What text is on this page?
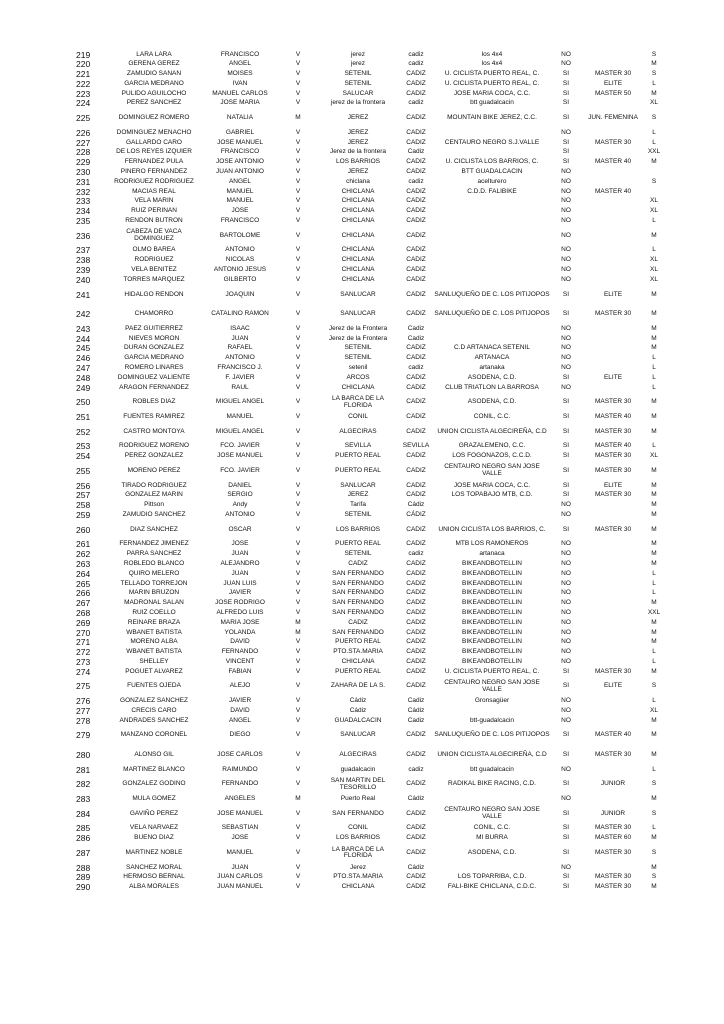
219	LARA LARA	FRANCISCO	V	jerez	cadiz	los 4x4	NO		S
220	GERENA GEREZ	ANGEL	V	jerez	cadiz	los 4x4	NO		M
221	ZAMUDIO SANAN	MOISES	V	SETENIL	CADIZ	U. CICLISTA PUERTO REAL, C.	SI	MASTER 30	S
222	GARCIA MEDRANO	IVAN	V	SETENIL	CADIZ	U. CICLISTA PUERTO REAL, C.	SI	ELITE	L
223	PULIDO AGUILOCHO	MANUEL CARLOS	V	SALUCAR	CADIZ	JOSE MARIA COCA, C.C.	SI	MASTER 50	M
224	PEREZ SANCHEZ	JOSE MARIA	V	jerez de la frontera	cadiz	btt guadalcacin	SI		XL
225	DOMINGUEZ ROMERO	NATALIA	M	JEREZ	CADIZ	MOUNTAIN BIKE JEREZ, C.C.	SI	JUN. FEMENINA	S
226	DOMINGUEZ MENACHO	GABRIEL	V	JEREZ	CADIZ		NO		L
227	GALLARDO CARO	JOSE MANUEL	V	JEREZ	CADIZ	CENTAURO NEGRO S.J.VALLE	SI	MASTER 30	L
228	DE LOS REYES IZQUIER	FRANCISCO	V	Jerez de la frontera	Cadiz		SI		XXL
229	FERNANDEZ PULA	JOSE ANTONIO	V	LOS BARRIOS	CADIZ	U. CICLISTA LOS BARRIOS, C.	SI	MASTER 40	M
230	PIÑERO FERNANDEZ	JUAN ANTONIO	V	JEREZ	CADIZ	BTT GUADALCACIN	NO		
231	RODRIGUEZ RODRIGUEZ	ANGEL	V	chiclana	cadiz	acelturero	NO		S
232	MACIAS REAL	MANUEL	V	CHICLANA	CADIZ	C.D.D. FALIBIKE	NO	MASTER 40	
233	VELA MARIN	MANUEL	V	CHICLANA	CADIZ		NO		XL
234	RUIZ PERIÑAN	JOSE	V	CHICLANA	CADIZ		NO		XL
235	RENDON BUTRON	FRANCISCO	V	CHICLANA	CADIZ		NO		L
236	CABEZA DE VACA DOMINGUEZ	BARTOLOME	V	CHICLANA	CADIZ		NO		M
237	OLMO BAREA	ANTONIO	V	CHICLANA	CADIZ		NO		L
238	RODRIGUEZ	NICOLAS	V	CHICLANA	CADIZ		NO		XL
239	VELA BENITEZ	ANTONIO JESUS	V	CHICLANA	CADIZ		NO		XL
240	TORRES MARQUEZ	GILBERTO	V	CHICLANA	CADIZ		NO		XL
241	HIDALGO RENDON	JOAQUIN	V	SANLUCAR	CADIZ	SANLUQUEÑO DE C. LOS PITIJOPOS	SI	ELITE	M
242	CHAMORRO	CATALINO RAMON	V	SANLUCAR	CADIZ	SANLUQUEÑO DE C. LOS PITIJOPOS	SI	MASTER 30	M
243	PAEZ GUITIERREZ	ISAAC	V	Jerez de la Frontera	Cadiz		NO		M
244	NIEVES MORON	JUAN	V	Jerez de la Frontera	Cadiz		NO		M
245	DURAN GONZALEZ	RAFAEL	V	SETENIL	CADIZ	C.D ARTANACA SETENIL	NO		M
246	GARCIA MEDRANO	ANTONIO	V	SETENIL	CADIZ	ARTANACA	NO		L
247	ROMERO LINARES	FRANCISCO J.	V	setenil	cadiz	artanaka	NO		L
248	DOMINGUEZ VALIENTE	F. JAVIER	V	ARCOS	CADIZ	ASODENA, C.D.	SI	ELITE	L
249	ARAGON FERNANDEZ	RAUL	V	CHICLANA	CADIZ	CLUB TRIATLON LA BARROSA	NO		L
250	ROBLES DIAZ	MIGUEL ANGEL	V	LA BARCA DE LA FLORIDA	CADIZ	ASODENA, C.D.	SI	MASTER 30	M
251	FUENTES RAMIREZ	MANUEL	V	CONIL	CADIZ	CONIL, C.C.	SI	MASTER 40	M
252	CASTRO MONTOYA	MIGUEL ANGEL	V	ALGECIRAS	CADIZ	UNION CICLISTA ALGECIREÑA, C.D	SI	MASTER 30	M
253	RODRIGUEZ MORENO	FCO. JAVIER	V	SEVILLA	SEVILLA	GRAZALEMEÑO, C.C.	SI	MASTER 40	L
254	PEREZ GONZALEZ	JOSE MANUEL	V	PUERTO REAL	CADIZ	LOS FOGONAZOS, C.C.D.	SI	MASTER 30	XL
255	MORENO PEREZ	FCO. JAVIER	V	PUERTO REAL	CADIZ	CENTAURO NEGRO SAN JOSE VALLE	SI	MASTER 30	M
256	TIRADO RODRIGUEZ	DANIEL	V	SANLUCAR	CADIZ	JOSE MARIA COCA, C.C.	SI	ELITE	M
257	GONZALEZ MARIN	SERGIO	V	JEREZ	CADIZ	LOS TOPABAJO MTB, C.D.	SI	MASTER 30	M
258	Pittson	Andy	V	Tarifa	Cádiz		NO		M
259	ZAMUDIO SANCHEZ	ANTONIO	V	SETENIL	CÁDIZ		NO		M
260	DIAZ SANCHEZ	OSCAR	V	LOS BARRIOS	CADIZ	UNION CICLISTA LOS BARRIOS, C.	SI	MASTER 30	M
261	FERNANDEZ JIMENEZ	JOSE	V	PUERTO REAL	CADIZ	MTB LOS RAMONEROS	NO		M
262	PARRA SANCHEZ	JUAN	V	SETENIL	cadiz	artanaca	NO		M
263	ROBLEDO BLANCO	ALEJANDRO	V	CADIZ	CADIZ	BIKEANDBOTELLIN	NO		M
264	QUIRO MELERO	JUAN	V	SAN FERNANDO	CADIZ	BIKEANDBOTELLIN	NO		L
265	TELLADO TORREJON	JUAN LUIS	V	SAN FERNANDO	CADIZ	BIKEANDBOTELLIN	NO		L
266	MARIN BRUZON	JAVIER	V	SAN FERNANDO	CADIZ	BIKEANDBOTELLIN	NO		L
267	MADROÑAL SALAN	JOSE RODRIGO	V	SAN FERNANDO	CADIZ	BIKEANDBOTELLIN	NO		M
268	RUIZ COELLO	ALFREDO LUIS	V	SAN FERNANDO	CADIZ	BIKEANDBOTELLIN	NO		XXL
269	REINARE BRAZA	MARIA JOSE	M	CADIZ	CADIZ	BIKEANDBOTELLIN	NO		M
270	WBANET BATISTA	YOLANDA	M	SAN FERNANDO	CADIZ	BIKEANDBOTELLIN	NO		M
271	MORENO ALBA	DAVID	V	PUERTO REAL	CADIZ	BIKEANDBOTELLIN	NO		M
272	WBANET BATISTA	FERNANDO	V	PTO.STA.MARIA	CADIZ	BIKEANDBOTELLIN	NO		L
273	SHELLEY	VINCENT	V	CHICLANA	CADIZ	BIKEANDBOTELLIN	NO		L
274	POGUET ALVAREZ	FABIAN	V	PUERTO REAL	CADIZ	U. CICLISTA PUERTO REAL, C.	SI	MASTER 30	M
275	FUENTES OJEDA	ALEJO	V	ZAHARA DE LA S.	CADIZ	CENTAURO NEGRO SAN JOSE VALLE	SI	ELITE	S
276	GONZALEZ SANCHEZ	JAVIER	V	Cádiz	Cadiz	Gronsagüer	NO		L
277	CRECIS CARO	DAVID	V	Cádiz	Cádiz		NO		XL
278	ANDRADES SANCHEZ	ANGEL	V	GUADALCACIN	Cadiz	btt-guadalcacin	NO		M
279	MANZANO CORONEL	DIEGO	V	SANLUCAR	CADIZ	SANLUQUEÑO DE C. LOS PITIJOPOS	SI	MASTER 40	M
280	ALONSO GIL	JOSE CARLOS	V	ALGECIRAS	CADIZ	UNION CICLISTA ALGECIREÑA, C.D	SI	MASTER 30	M
281	MARTINEZ BLANCO	RAIMUNDO	V	guadalcacin	cadiz	btt guadalcacin	NO		L
282	GONZALEZ GODINO	FERNANDO	V	SAN MARTIN DEL TESORILLO	CADIZ	RADIKAL BIKE RACING, C.D.	SI	JUNIOR	S
283	MULA GOMEZ	ANGELES	M	Puerto Real	Cádiz		NO		M
284	GAVIÑO PEREZ	JOSE MANUEL	V	SAN FERNANDO	CADIZ	CENTAURO NEGRO SAN JOSE VALLE	SI	JUNIOR	S
285	VELA NARVAEZ	SEBASTIAN	V	CONIL	CADIZ	CONIL, C.C.	SI	MASTER 30	L
286	BUENO DIAZ	JOSE	V	LOS BARRIOS	CADIZ	MI BURRA	SI	MASTER 60	M
287	MARTINEZ NOBLE	MANUEL	V	LA BARCA DE LA FLORIDA	CADIZ	ASODENA, C.D.	SI	MASTER 30	S
288	SANCHEZ MORAL	JUAN	V	Jerez	Cádiz		NO		M
289	HERMOSO BERNAL	JUAN CARLOS	V	PTO.STA.MARIA	CADIZ	LOS TOPARRIBA, C.D.	SI	MASTER 30	S
290	ALBA MORALES	JUAN MANUEL	V	CHICLANA	CADIZ	FALI-BIKE CHICLANA, C.D.C.	SI	MASTER 30	M
